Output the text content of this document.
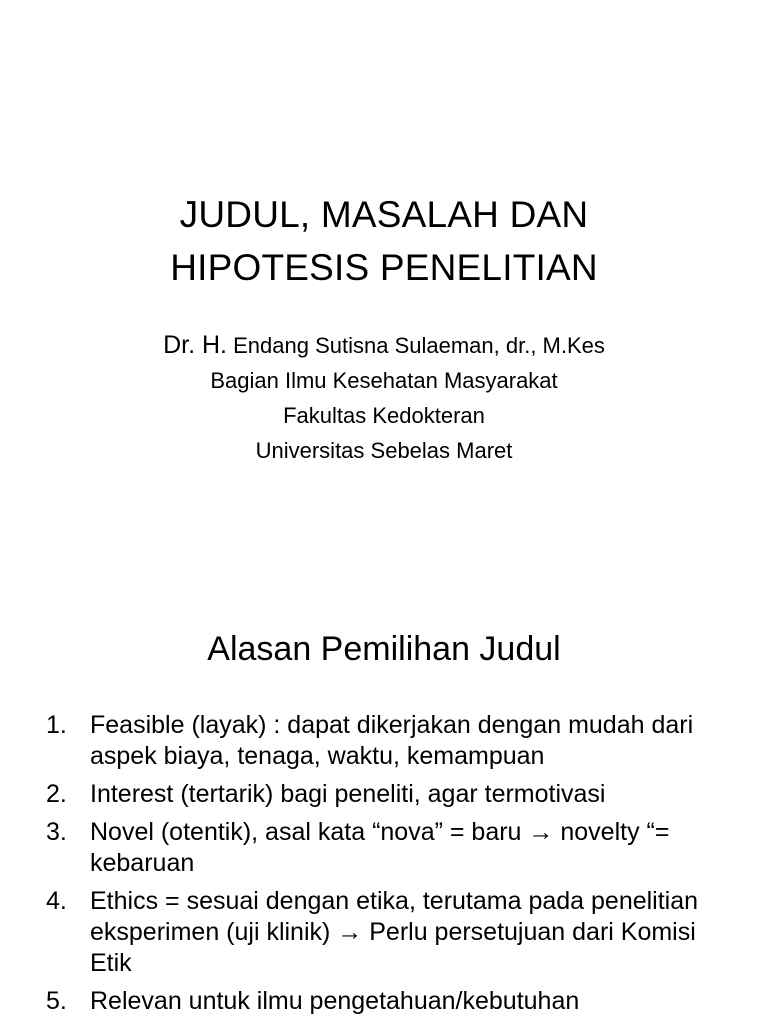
JUDUL, MASALAH DAN
HIPOTESIS PENELITIAN
Dr. H. Endang Sutisna Sulaeman, dr., M.Kes
Bagian Ilmu Kesehatan Masyarakat
Fakultas Kedokteran
Universitas Sebelas Maret
Alasan Pemilihan Judul
1. Feasible (layak) : dapat dikerjakan dengan mudah dari aspek biaya, tenaga, waktu, kemampuan
2. Interest (tertarik) bagi peneliti, agar termotivasi
3. Novel (otentik), asal kata “nova” = baru → novelty “= kebaruan
4. Ethics = sesuai dengan etika, terutama pada penelitian eksperimen (uji klinik) → Perlu persetujuan dari Komisi Etik
5. Relevan untuk ilmu pengetahuan/kebutuhan
